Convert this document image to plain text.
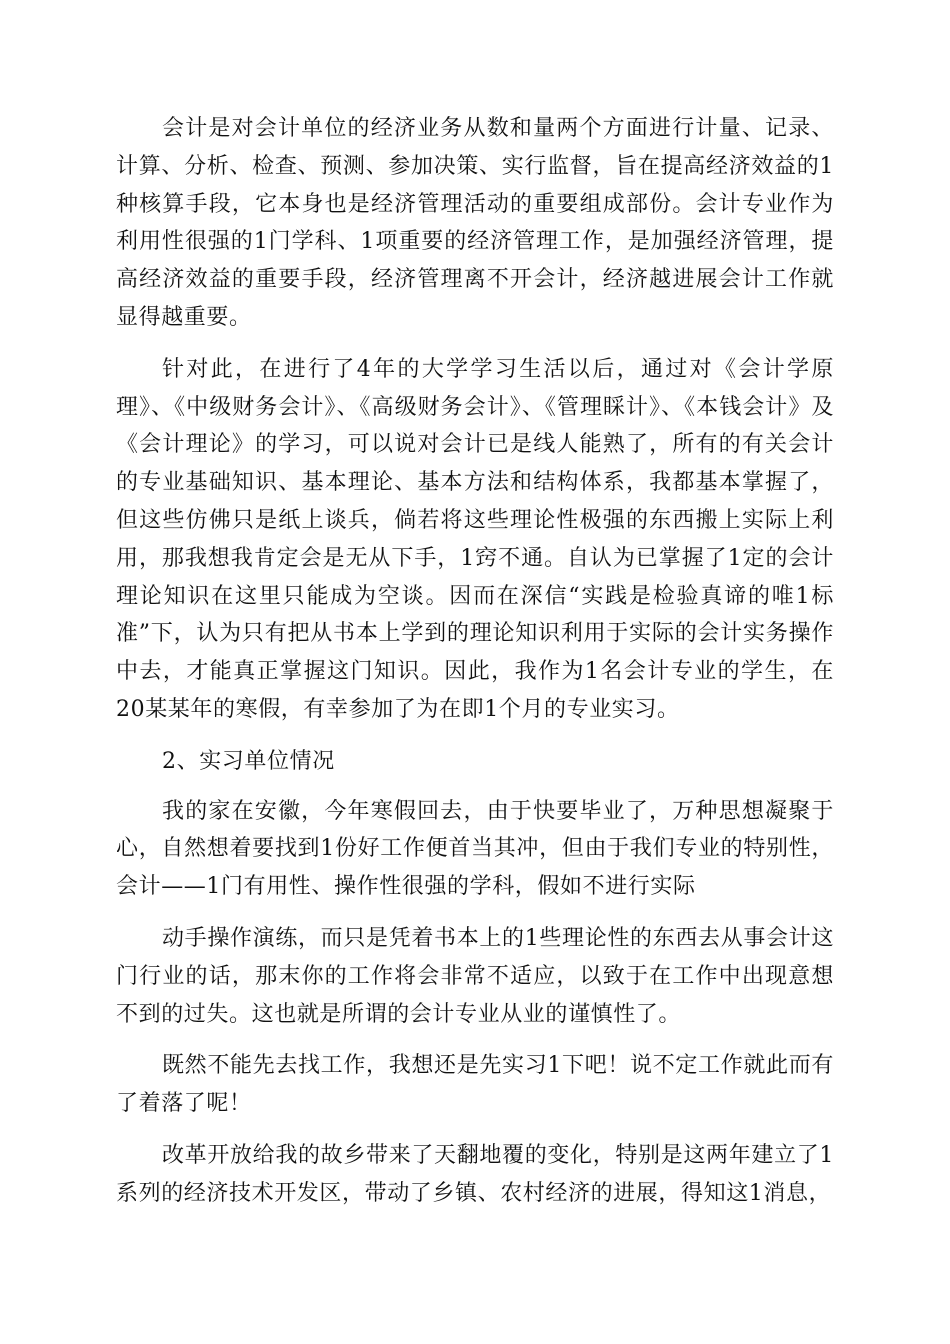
会计是对会计单位的经济业务从数和量两个方面进行计量、记录、计算、分析、检查、预测、参加决策、实行监督，旨在提高经济效益的1种核算手段，它本身也是经济管理活动的重要组成部份。会计专业作为利用性很强的1门学科、1项重要的经济管理工作，是加强经济管理，提高经济效益的重要手段，经济管理离不开会计，经济越进展会计工作就显得越重要。

针对此，在进行了4年的大学学习生活以后，通过对《会计学原理》、《中级财务会计》、《高级财务会计》、《管理睬计》、《本钱会计》及《会计理论》的学习，可以说对会计已是线人能熟了，所有的有关会计的专业基础知识、基本理论、基本方法和结构体系，我都基本掌握了，但这些仿佛只是纸上谈兵，倘若将这些理论性极强的东西搬上实际上利用，那我想我肯定会是无从下手，1窍不通。自认为已掌握了1定的会计理论知识在这里只能成为空谈。因而在深信“实践是检验真谛的唯1标准”下，认为只有把从书本上学到的理论知识利用于实际的会计实务操作中去，才能真正掌握这门知识。因此，我作为1名会计专业的学生，在20某某年的寒假，有幸参加了为在即1个月的专业实习。

2、实习单位情况

我的家在安徽，今年寒假回去，由于快要毕业了，万种思想凝聚于心，自然想着要找到1份好工作便首当其冲，但由于我们专业的特别性，会计——1门有用性、操作性很强的学科，假如不进行实际

动手操作演练，而只是凭着书本上的1些理论性的东西去从事会计这门行业的话，那末你的工作将会非常不适应，以致于在工作中出现意想不到的过失。这也就是所谓的会计专业从业的谨慎性了。

既然不能先去找工作，我想还是先实习1下吧！说不定工作就此而有了着落了呢！

改革开放给我的故乡带来了天翻地覆的变化，特别是这两年建立了1系列的经济技术开发区，带动了乡镇、农村经济的进展，得知这1消息，
